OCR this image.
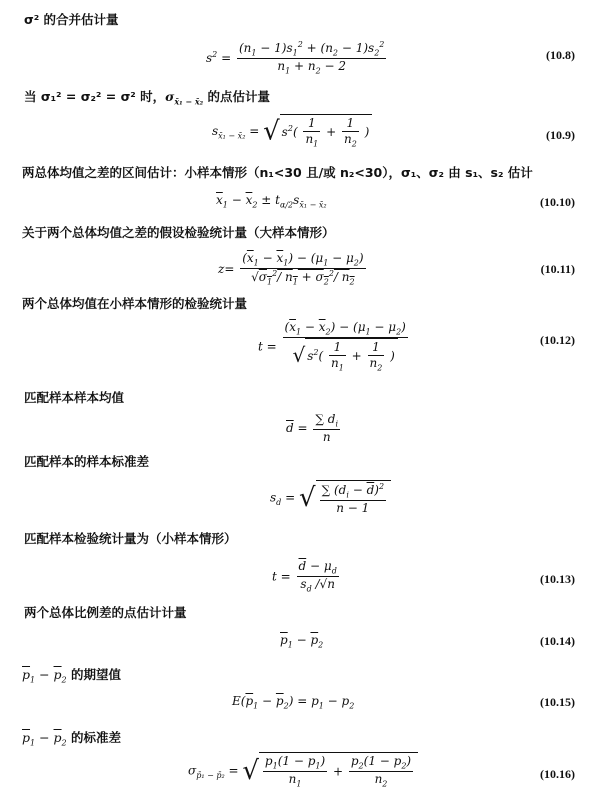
σ² 的合并估计量
$s^2 = \frac{(n_1 - 1)s_1^2 + (n_2 - 1)s_2^2}{n_1 + n_2 - 2}$	(10.8)
当 σ₁² = σ₂² = σ² 时，$\sigma_{x̄_1 - x̄_2}$ 的点估计量
$s_{x̄_1 - x̄_2}$ = √ $s^2( \frac{1}{n_1} + \frac{1}{n_2}$ )	(10.9)
两总体均值之差的区间估计：小样本情形（n₁<30 且/或 n₂<30），σ₁、σ₂ 由 s₁、s₂ 估计
$\overline{x}_1 - \overline{x}_2 \pm t_{\alpha/2}s_{x̄_1 - x̄_2}$	(10.10)
关于两个总体均值之差的假设检验统计量（大样本情形）
$z= \frac{(\overline{x}_1 - \overline{x}_1) - (\mu_1 - \mu_2)}{√\sigma_1^2/ n_1 + \sigma_2^2/ n_2}$	(10.11)
两个总体均值在小样本情形的检验统计量
$t = \frac{(\overline{x}_1 - \overline{x}_2) - (\mu_1 - \mu_2)}{√ s^2( \frac{1}{n_1} + \frac{1}{n_2} )}$	(10.12)
匹配样本样本均值
$\overline{d} = \frac{\sum d_i}{n}$
匹配样本的样本标准差
$s_d$ = √ $\frac{\sum (d_i - \overline{d})^2}{n - 1}$
匹配样本检验统计量为（小样本情形）
$t = \frac{\overline{d} - \mu_d}{s_d /√n}$	(10.13)
两个总体比例差的点估计计量
$\overline{p}_1 - \overline{p}_2$	(10.14)
$\overline{p}_1 - \overline{p}_2$ 的期望值
$E(\overline{p}_1 - \overline{p}_2) = p_1 - p_2$	(10.15)
$\overline{p}_1 - \overline{p}_2$ 的标准差
$\sigma_{p̄_1 - p̄_2}$ = √ $\frac{p_1(1 - p_1)}{n_1} + \frac{p_2(1 - p_2)}{n_2}$	(10.16)
